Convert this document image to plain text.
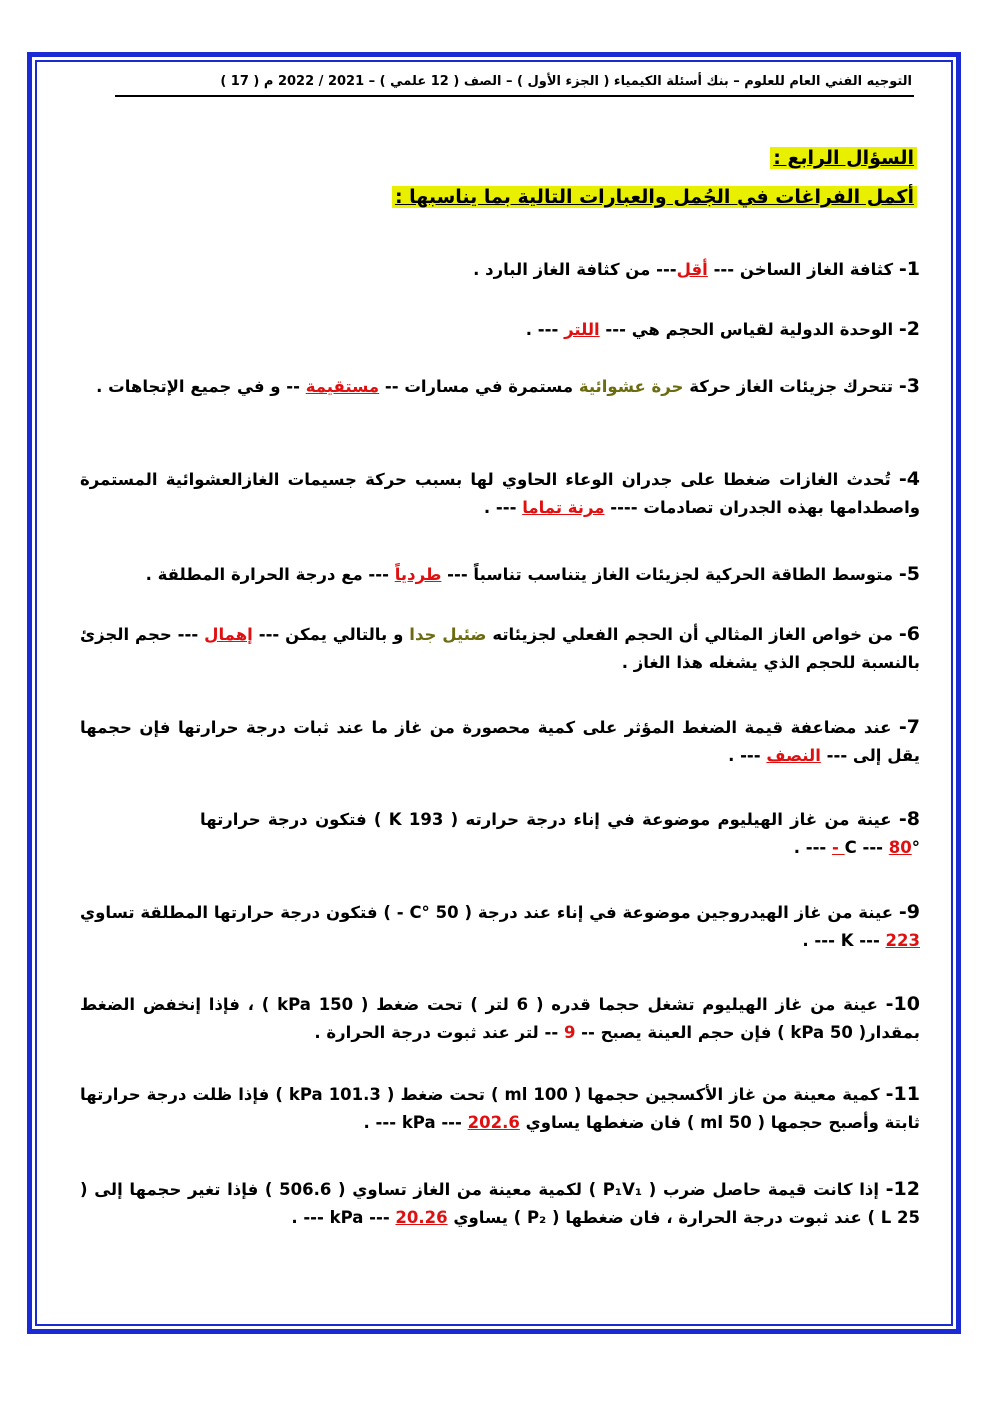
التوجيه الفني العام للعلوم – بنك أسئلة الكيمياء ( الجزء الأول ) – الصف ( 12 علمي ) – 2021 / 2022 م ( 17 )
السؤال الرابع :
أكمل الفراغات في الجُمل والعبارات التالية بما يناسبها :
1- كثافة الغاز الساخن --- أقل--- من كثافة الغاز البارد .
2- الوحدة الدولية لقياس الحجم هي --- اللتر --- .
3- تتحرك جزيئات الغاز حركة حرة عشوائية مستمرة في مسارات -- مستقيمة -- و في جميع الإتجاهات .
4- تُحدث الغازات ضغطا على جدران الوعاء الحاوي لها بسبب حركة جسيمات الغازالعشوائية المستمرة واصطدامها بهذه الجدران تصادمات ---- مرنة تماما --- .
5- متوسط الطاقة الحركية لجزيئات الغاز يتناسب تناسباً --- طردياً --- مع درجة الحرارة المطلقة .
6- من خواص الغاز المثالي أن الحجم الفعلي لجزيئاته ضئيل جدا و بالتالي يمكن --- إهمال --- حجم الجزئ بالنسبة للحجم الذي يشغله هذا الغاز .
7- عند مضاعفة قيمة الضغط المؤثر على كمية محصورة من غاز ما عند ثبات درجة حرارتها فإن حجمها يقل إلى --- النصف --- .
8- عينة من غاز الهيليوم موضوعة في إناء درجة حرارته ( 193 K ) فتكون درجة حرارتها °C --- 80 - --- .
9- عينة من غاز الهيدروجين موضوعة في إناء عند درجة ( 50 °C - ) فتكون درجة حرارتها المطلقة تساوي K --- 223 --- .
10- عينة من غاز الهيليوم تشغل حجما قدره ( 6 لتر ) تحت ضغط ( 150 kPa ) ، فإذا إنخفض الضغط بمقدار( 50 kPa ) فإن حجم العينة يصبح -- 9 -- لتر عند ثبوت درجة الحرارة .
11- كمية معينة من غاز الأكسجين حجمها ( 100 ml ) تحت ضغط ( 101.3 kPa ) فإذا ظلت درجة حرارتها ثابتة وأصبح حجمها ( 50 ml ) فان ضغطها يساوي kPa --- 202.6 --- .
12- إذا كانت قيمة حاصل ضرب ( P₁V₁ ) لكمية معينة من الغاز تساوي ( 506.6 ) فإذا تغير حجمها إلى ( 25 L ) عند ثبوت درجة الحرارة ، فان ضغطها ( P₂ ) يساوي kPa --- 20.26 --- .
